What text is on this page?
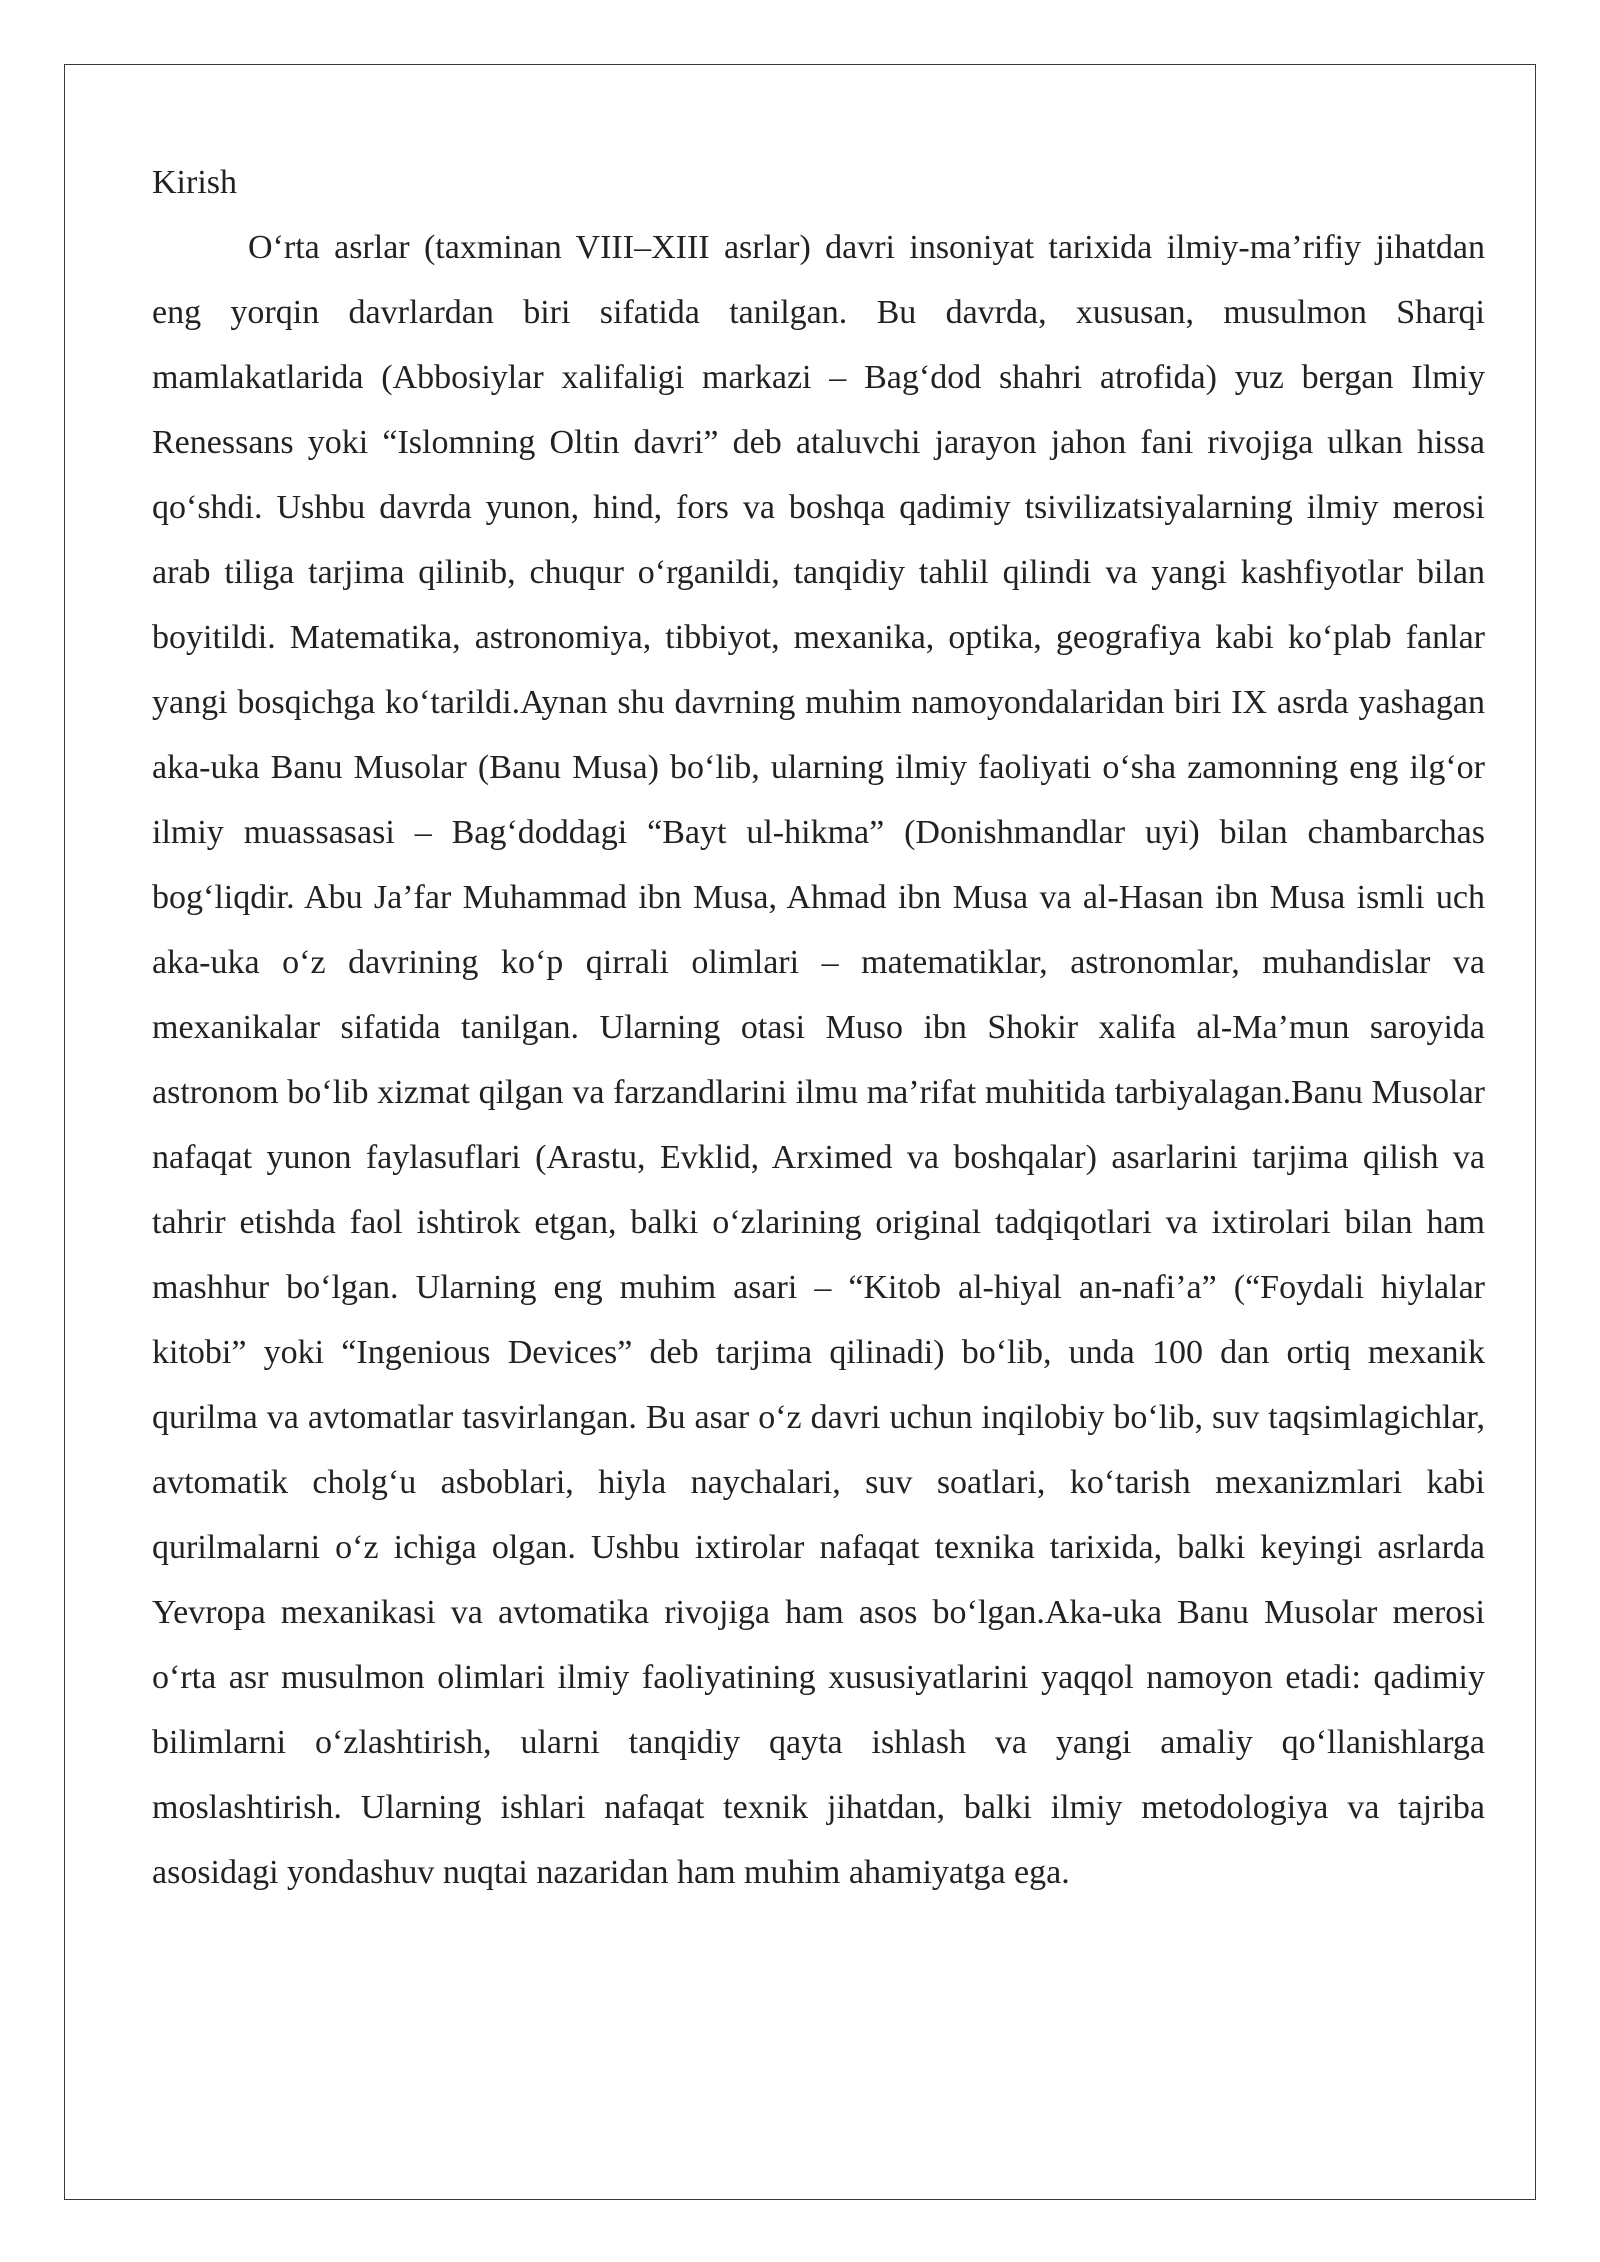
Kirish

O‘rta asrlar (taxminan VIII–XIII asrlar) davri insoniyat tarixida ilmiy-ma’rifiy jihatdan eng yorqin davrlardan biri sifatida tanilgan. Bu davrda, xususan, musulmon Sharqi mamlakatlarida (Abbosiylar xalifaligi markazi – Bag‘dod shahri atrofida) yuz bergan Ilmiy Renessans yoki “Islomning Oltin davri” deb ataluvchi jarayon jahon fani rivojiga ulkan hissa qo‘shdi. Ushbu davrda yunon, hind, fors va boshqa qadimiy tsivilizatsiyalarning ilmiy merosi arab tiliga tarjima qilinib, chuqur o‘rganildi, tanqidiy tahlil qilindi va yangi kashfiyotlar bilan boyitildi. Matematika, astronomiya, tibbiyot, mexanika, optika, geografiya kabi ko‘plab fanlar yangi bosqichga ko‘tarildi.Aynan shu davrning muhim namoyondalaridan biri IX asrda yashagan aka-uka Banu Musolar (Banu Musa) bo‘lib, ularning ilmiy faoliyati o‘sha zamonning eng ilg‘or ilmiy muassasasi – Bag‘doddagi “Bayt ul-hikma” (Donishmandlar uyi) bilan chambarchas bog‘liqdir. Abu Ja’far Muhammad ibn Musa, Ahmad ibn Musa va al-Hasan ibn Musa ismli uch aka-uka o‘z davrining ko‘p qirrali olimlari – matematiklar, astronomlar, muhandislar va mexanikalar sifatida tanilgan. Ularning otasi Muso ibn Shokir xalifa al-Ma’mun saroyida astronom bo‘lib xizmat qilgan va farzandlarini ilmu ma’rifat muhitida tarbiyalagan.Banu Musolar nafaqat yunon faylasuflari (Arastu, Evklid, Arximed va boshqalar) asarlarini tarjima qilish va tahrir etishda faol ishtirok etgan, balki o‘zlarining original tadqiqotlari va ixtirolari bilan ham mashhur bo‘lgan. Ularning eng muhim asari – “Kitob al-hiyal an-nafi’a” (“Foydali hiylalar kitobi” yoki “Ingenious Devices” deb tarjima qilinadi) bo‘lib, unda 100 dan ortiq mexanik qurilma va avtomatlar tasvirlangan. Bu asar o‘z davri uchun inqilobiy bo‘lib, suv taqsimlagichlar, avtomatik cholg‘u asboblari, hiyla naychalari, suv soatlari, ko‘tarish mexanizmlari kabi qurilmalarni o‘z ichiga olgan. Ushbu ixtirolar nafaqat texnika tarixida, balki keyingi asrlarda Yevropa mexanikasi va avtomatika rivojiga ham asos bo‘lgan.Aka-uka Banu Musolar merosi o‘rta asr musulmon olimlari ilmiy faoliyatining xususiyatlarini yaqqol namoyon etadi: qadimiy bilimlarni o‘zlashtirish, ularni tanqidiy qayta ishlash va yangi amaliy qo‘llanishlarga moslashtirish. Ularning ishlari nafaqat texnik jihatdan, balki ilmiy metodologiya va tajriba asosidagi yondashuv nuqtai nazaridan ham muhim ahamiyatga ega.
